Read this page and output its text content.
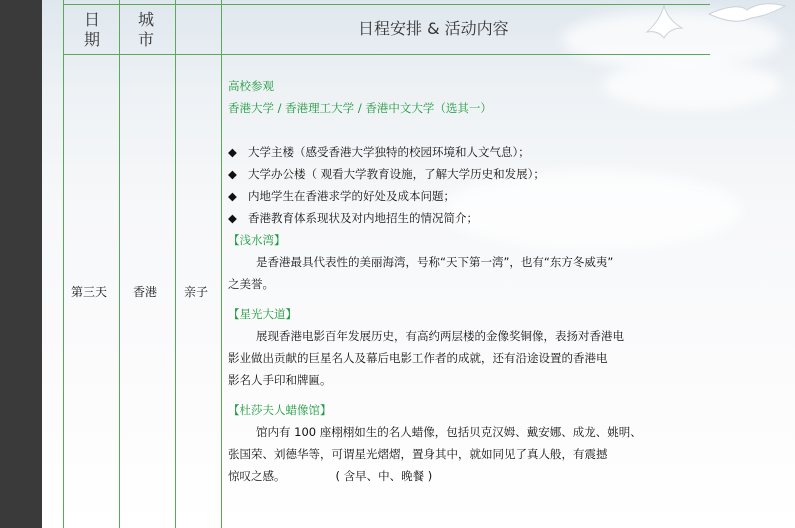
日
期
城
市
日程安排 & 活动内容
第三天 香港 亲子
高校参观
香港大学 / 香港理工大学 / 香港中文大学（选其一）
◆ 大学主楼（感受香港大学独特的校园环境和人文气息）；
◆ 大学办公楼（ 观看大学教育设施，了解大学历史和发展）；
◆ 内地学生在香港求学的好处及成本问题；
◆ 香港教育体系现状及对内地招生的情况简介；
【浅水湾】
是香港最具代表性的美丽海湾，号称“天下第一湾”，也有“东方冬威夷”
之美誉。
【星光大道】
展现香港电影百年发展历史，有高约两层楼的金像奖铜像，表扬对香港电
影业做出贡献的巨星名人及幕后电影工作者的成就，还有沿途设置的香港电
影名人手印和牌匾。
【杜莎夫人蜡像馆】
馆内有 100 座栩栩如生的名人蜡像，包括贝克汉姆、戴安娜、成龙、姚明、
张国荣、刘德华等，可谓星光熠熠，置身其中，就如同见了真人般，有震撼
惊叹之感。	( 含早、中、晚餐 )
